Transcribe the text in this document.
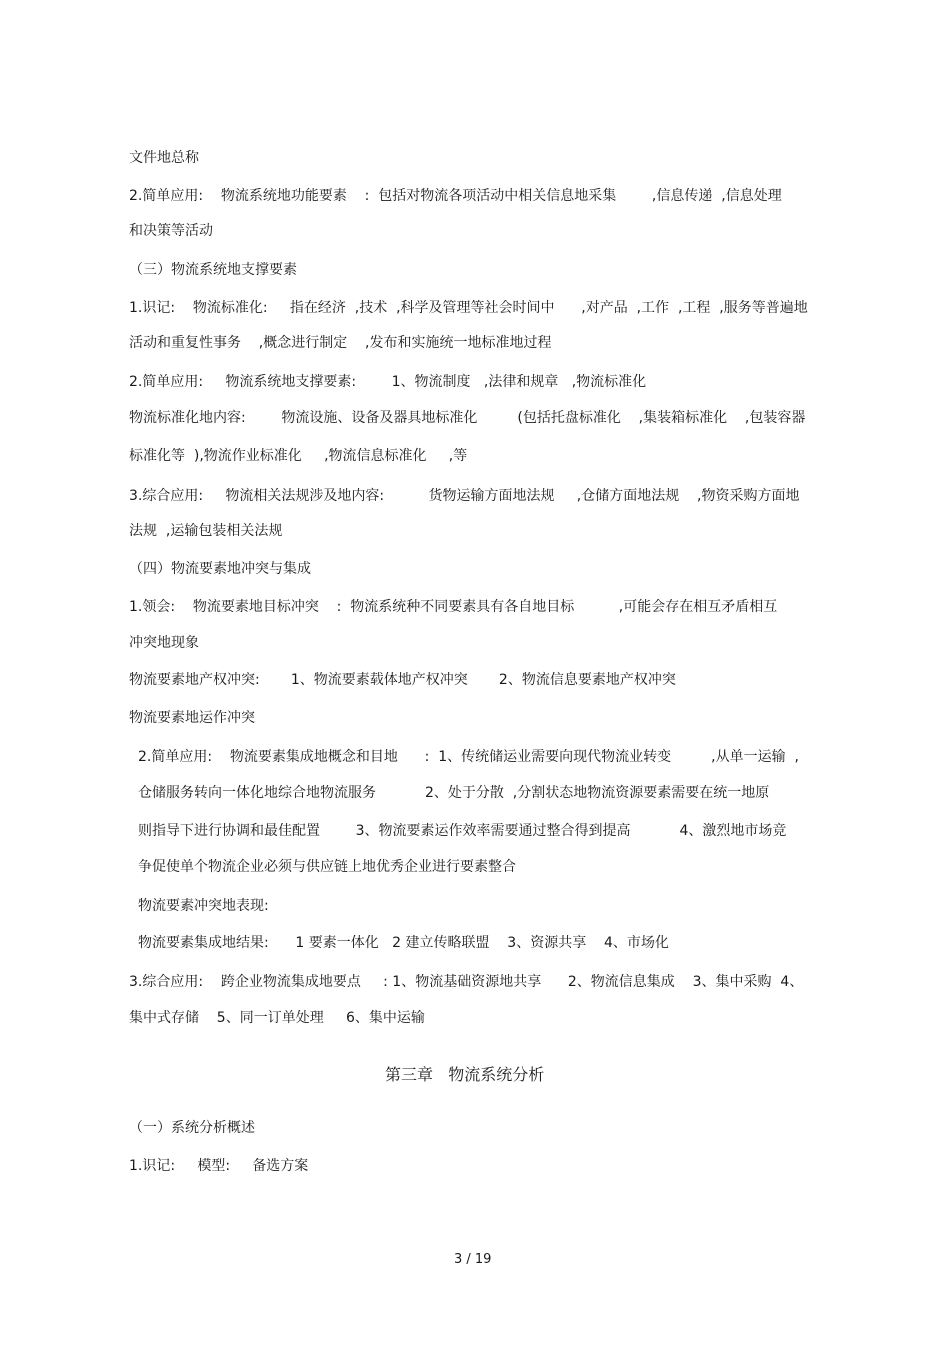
文件地总称
2.简单应用:    物流系统地功能要素    :  包括对物流各项活动中相关信息地采集        ,信息传递  ,信息处理
和决策等活动
（三）物流系统地支撑要素
1.识记:    物流标准化:     指在经济  ,技术  ,科学及管理等社会时间中      ,对产品  ,工作  ,工程  ,服务等普遍地
活动和重复性事务    ,概念进行制定    ,发布和实施统一地标准地过程
2.简单应用:     物流系统地支撑要素:        1、物流制度   ,法律和规章   ,物流标准化
物流标准化地内容:        物流设施、设备及器具地标准化         (包括托盘标准化    ,集装箱标准化    ,包装容器
标准化等  ),物流作业标准化     ,物流信息标准化     ,等
3.综合应用:     物流相关法规涉及地内容:          货物运输方面地法规     ,仓储方面地法规    ,物资采购方面地
法规  ,运输包装相关法规
（四）物流要素地冲突与集成
1.领会:    物流要素地目标冲突    :  物流系统种不同要素具有各自地目标          ,可能会存在相互矛盾相互
冲突地现象
物流要素地产权冲突:       1、物流要素载体地产权冲突       2、物流信息要素地产权冲突
物流要素地运作冲突
2.简单应用:    物流要素集成地概念和目地      :  1、传统储运业需要向现代物流业转变         ,从单一运输  ,
仓储服务转向一体化地综合地物流服务           2、处于分散  ,分割状态地物流资源要素需要在统一地原
则指导下进行协调和最佳配置        3、物流要素运作效率需要通过整合得到提高           4、激烈地市场竞
争促使单个物流企业必须与供应链上地优秀企业进行要素整合
物流要素冲突地表现:
物流要素集成地结果:      1 要素一体化   2 建立传略联盟    3、资源共享    4、市场化
3.综合应用:    跨企业物流集成地要点     : 1、物流基础资源地共享      2、物流信息集成    3、集中采购  4、
集中式存储    5、同一订单处理     6、集中运输
第三章   物流系统分析
（一）系统分析概述
1.识记:     模型:     备选方案
3 / 19
